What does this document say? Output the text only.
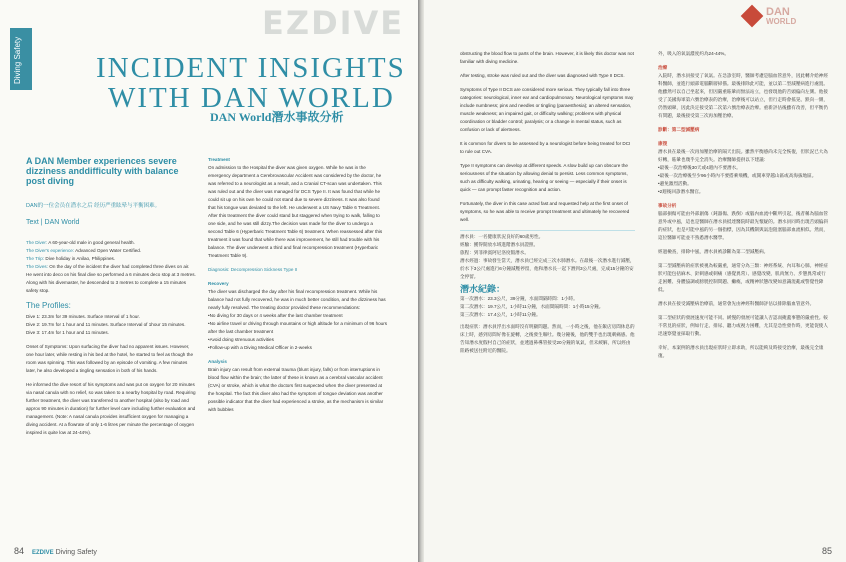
Diving Safety
EZDIVE
INCIDENT INSIGHTS
WITH DAN WORLD
DAN World潛水事故分析
A DAN Member experiences severe dizziness anddifficulty with balance post diving
DAN的一位会员在潜水之后 经历严重眩晕与平衡困难。
Text | DAN World

The Diver: A 60-year-old male in good general health.

The Diver's experience: Advanced Open Water Certified.

The Trip: Dive holiday in Anilao, Philippines.

The Dives: On the day of the incident the diver had completed three dives on air. He went into deco on his final dive so performed a 6 minutes deco stop at 3 metres. Along with his divemaster, he descended to 3 metres to complete a 15 minutes safety stop.

The Profiles:

Dive 1: 23.3m for 39 minutes. Surface Interval of 1 hour.

Dive 2: 19.7m for 1 hour and 11 minutes. Surface Interval of 1hour 15 minutes.

Dive 3: 17.4m for 1 hour and 11 minutes.

Onset of Symptoms: Upon surfacing the diver had no apparent issues. However, one hour later, while resting in his bed at the hotel, he started to feel as though the room was spinning. This was followed by an episode of vomiting. A few minutes later, he also developed a tingling sensation in both of his hands.

He informed the dive resort of his symptoms and was put on oxygen for 20 minutes via nasal canula with no relief, so was taken to a nearby hospital by road. Requiring further treatment, the diver was transferred to another hospital (also by road and approx 90 minutes in duration) for further level care including further evaluation and management. (Note: A nasal canula provides insufficient oxygen for managing a diving accident. At a flowrate of only 1-6 litres per minute the percentage of oxygen inspired is quite low at 24-44%).

Treatment

On admission to the Hospital the diver was given oxygen. While he was in the emergency department a Cerebrovascular Accident was considered by the doctor, he was referred to a neurologist as a result, and a Cranial CT-scan was undertaken. This was ruled out and the diver was managed for DCS Type II. It was found that while he could sit up on his own he could not stand due to severe dizziness. It was also found that his tongue was deviated to the left. He underwent a US Navy Table 6 Treatment. After this treatment the diver could stand but staggered when trying to walk, falling to one side, and he was still dizzy.The decision was made for the diver to undergo a second Table 6 (Hyperbaric Treatment Table 6) treatment. When reassessed after this treatment it was found that while there was improvement, he still had trouble with his balance. The diver underwent a third and final recompression treatment (Hyperbaric Treatment Table 9).

Diagnosis: Decompression Sickness Type II

Recovery

The diver was discharged the day after his final recompression treatment. While his balance had not fully recovered, he was in much better condition, and the dizziness has nearly fully resolved. The treating doctor provided these recommendations:

•No diving for 30 days or 4 weeks after the last chamber treatment
•No airline travel or driving through mountains or high altitude for a minimum of 96 hours after the last chamber treatment
•Avoid doing strenuous activities
•Follow-up with a Diving Medical Officer in 2-weeks
Analysis

Brain injury can result from external trauma (blunt injury, falls) or from interruptions in blood flow within the brain; the latter of these is known as a cerebral vascular accident (CVA) or stroke, which is what the doctors first suspected when the diver presented at the hospital. The fact this diver also had the symptom of tongue deviation was another possible indicator that the diver had experienced a stroke, as the mechanism is similar with bubbles

84 EZDIVE Diving Safety
DAN
WORLD

obstructing the blood flow to parts of the brain. However, it is likely this doctor was not familiar with diving medicine.

After testing, stroke was ruled out and the diver was diagnosed with Type II DCS.

Symptoms of Type II DCS are considered more serious. They typically fall into three categories: neurological, inner ear and cardiopulmonary. Neurological symptoms may include numbness; pins and needles or tingling (paraesthesia); an altered sensation, muscle weakness; an impaired gait, or difficulty walking; problems with physical coordination or bladder control; paralysis; or a change in mental status, such as confusion or lack of alertness.

It is common for divers to be assessed by a neurologist before being treated for DCI to rule out CVA.

Type II symptoms can develop at different speeds. A slow build up can obscure the seriousness of the situation by allowing denial to persist. Less common symptoms, such as difficulty walking, urinating, hearing or seeing — especially if their onset is quick — can prompt faster recognition and action.

Fortunately, the diver in this case acted fast and requested help at the first onset of symptoms, so he was able to receive prompt treatment and ultimately he recovered well.

潛水員：一名健康狀況良好的60歲男性。
經驗：獲得開放水域進階潛水員證照。
旅程：到菲律賓阿尼洛度假潛水。
潛水經過：事故發生當天，潛水員已經完成三次水肺潛水。在最後一次潛水進行減壓，於水下3公尺處進行6分鐘減壓停留，他和潛水長一起下潛到3公尺處，完成15分鐘的安全停留。
潛水紀錄：
第一次潛水：23.3公尺，39分鐘，水面間隔時間：1小時。
第二次潛水：19.7公尺，1小時11分鐘，水面間隔時間：1小時15分鐘。
第三次潛水：17.4公尺，1小時11分鐘。

出現症狀：潛水員浮出水面時沒有明顯問題。然而，一小時之後，他在飯店房間休息的床上時，感到房間好像在旋轉，之後發生嘔吐。幾分鐘後，他的雙手也出現刺痛感。他告知潛水度假村自己的症狀，並透過鼻導管接受20分鐘的氧氣，但未緩解，所以經由陸路被送往附近的醫院。

外，吸入的氧氣濃度約為24-44%。

治療

入院時，潛水員接受了氧氣。在急診室時，醫師考慮是腦血管意外，因此轉介給神經科醫師，並進行頭部電腦斷層掃描。最後排除此可能，並以第二型減壓病進行處置。他雖然可以自己坐起來，但因嚴重眩暈而無法站立，也發現他的舌頭偏向左側。他接受了美國海軍第六號治療表的治療，治療後可以站立，但行走時會搖晃、跌向一側，仍然頭暈，因此決定接受第二次第六號治療表治療。重新評估後雖有改善，但平衡仍有問題，最後接受第三次再加壓治療。

診斷：第二型減壓病
康復

潛水員在最後一次再加壓治療的隔天出院。雖然平衡感尚未完全恢復，但狀況已大為好轉，眩暈也幾乎完全消失。治療醫師提供以下建議：

•最後一次治療後30天或4週內不要潛水。
•最後一次治療後至少96小時內不要搭乘飛機，或開車穿越山區或高海拔地區。
•避免激烈活動。
•2週後回診潛水醫官。
事故分析

腦部損傷可能由外部創傷（鈍器傷、跌倒）或腦內血流中斷所引起，後者稱為腦血管意外或中風，這也是醫師在潛水員抵達醫院時最先懷疑的。潛水員同時出現舌頭偏斜的症狀，也是可能中風的另一個指標，因為其機制與氣泡阻塞腦部血流相似。然而，這位醫師可能並不熟悉潛水醫學。

經過檢查，排除中風，潛水員被診斷為第二型減壓病。

第二型減壓病的症狀被視為較嚴重，通常分為三類：神經系統、內耳和心肺。神經症狀可能包括麻木、針刺感或刺痛（感覺異常）、感覺改變、肌肉無力、步態異常或行走困難、身體協調或膀胱控制問題、癱瘓，或精神狀態改變如意識混亂或警覺性降低。

潛水員在接受減壓病治療前，通常會先由神經科醫師評估以排除腦血管意外。

第二型症狀的發展速度可能不同。緩慢的發展可能讓人否認而掩蓋事態的嚴重性。較不常見的症狀，例如行走、排尿、聽力或視力困難，尤其是急性發作時，更能促使人迅速察覺並採取行動。

幸好，本案例的潛水員出現症狀時立即求助，所以能夠及時接受治療，最後完全康復。

85
